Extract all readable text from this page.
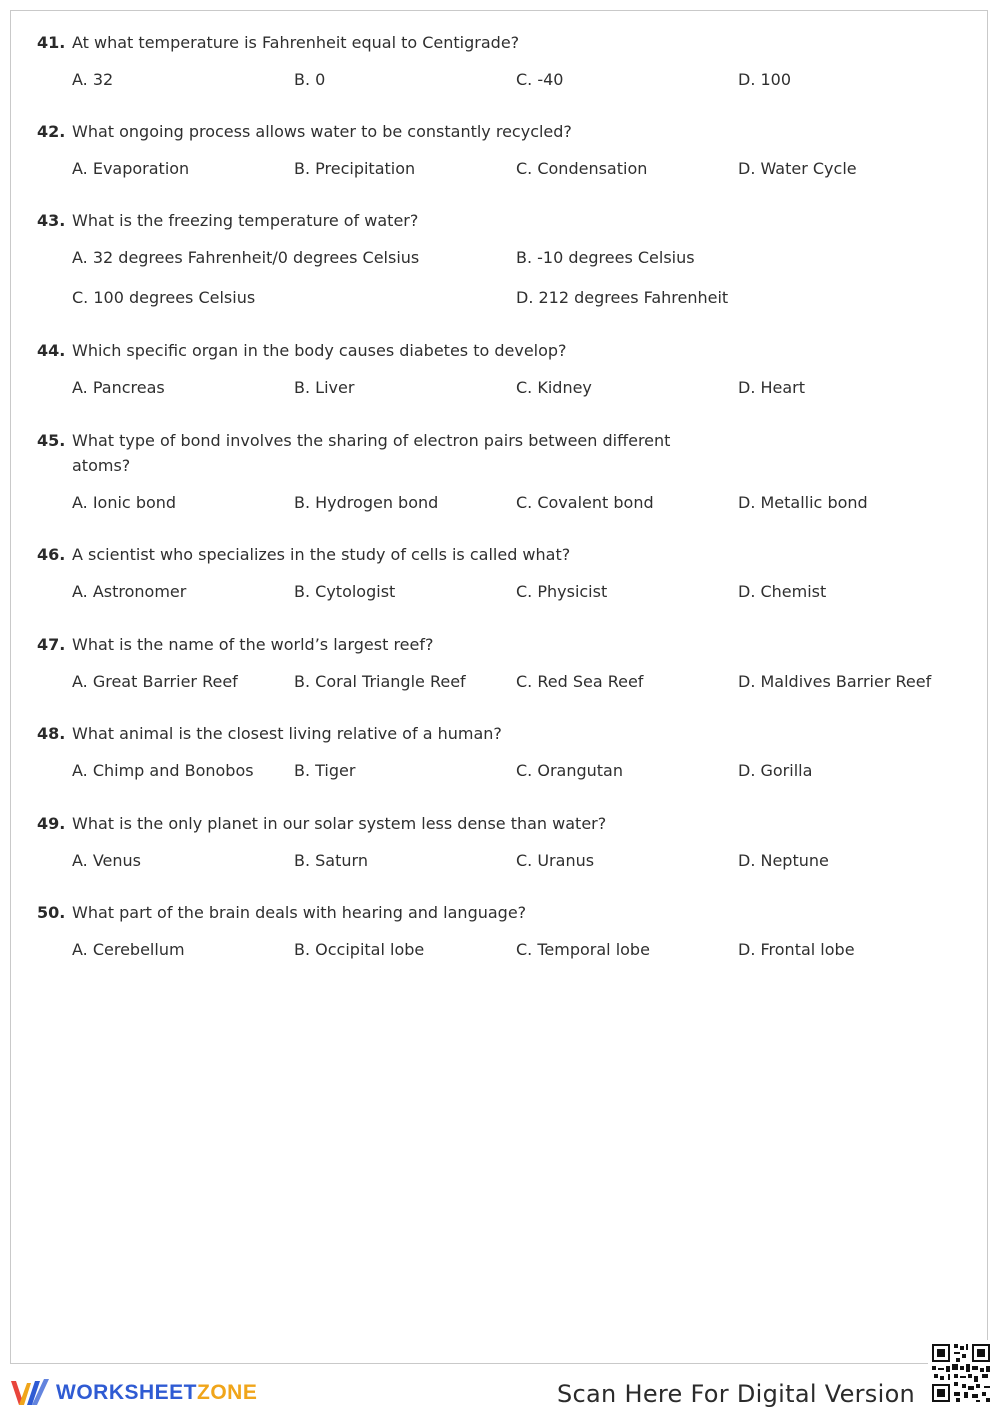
41. At what temperature is Fahrenheit equal to Centigrade?
A. 32	B. 0	C. -40	D. 100
42. What ongoing process allows water to be constantly recycled?
A. Evaporation	B. Precipitation	C. Condensation	D. Water Cycle
43. What is the freezing temperature of water?
A. 32 degrees Fahrenheit/0 degrees Celsius	B. -10 degrees Celsius
C. 100 degrees Celsius	D. 212 degrees Fahrenheit
44. Which specific organ in the body causes diabetes to develop?
A. Pancreas	B. Liver	C. Kidney	D. Heart
45. What type of bond involves the sharing of electron pairs between different atoms?
A. Ionic bond	B. Hydrogen bond	C. Covalent bond	D. Metallic bond
46. A scientist who specializes in the study of cells is called what?
A. Astronomer	B. Cytologist	C. Physicist	D. Chemist
47. What is the name of the world’s largest reef?
A. Great Barrier Reef	B. Coral Triangle Reef	C. Red Sea Reef	D. Maldives Barrier Reef
48. What animal is the closest living relative of a human?
A. Chimp and Bonobos	B. Tiger	C. Orangutan	D. Gorilla
49. What is the only planet in our solar system less dense than water?
A. Venus	B. Saturn	C. Uranus	D. Neptune
50. What part of the brain deals with hearing and language?
A. Cerebellum	B. Occipital lobe	C. Temporal lobe	D. Frontal lobe
WORKSHEETZONE	Scan Here For Digital Version
